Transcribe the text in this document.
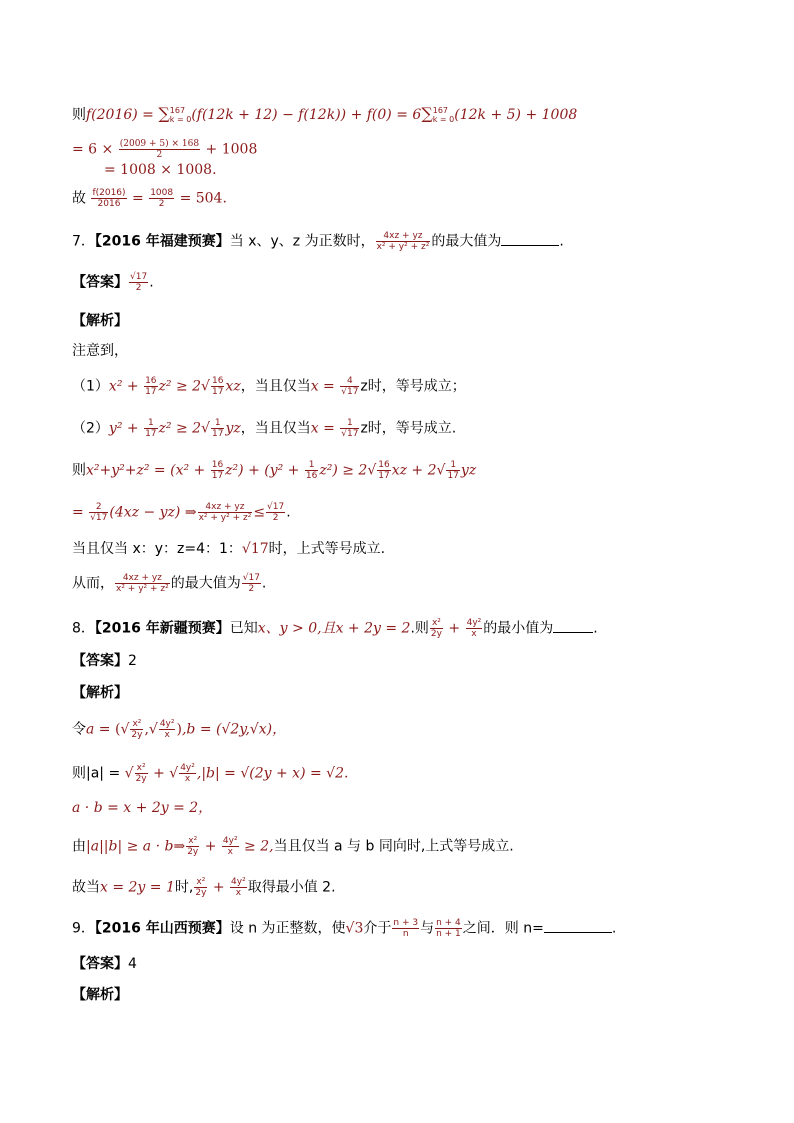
则f(2016) = ∑ 167
k = 0 (f(12k + 12) − f(12k)) + f(0) = 6∑ 167
k = 0 (12k + 5) + 1008
= $6 \times \frac{(2009 + 5) \times 168}{2} + 1008$
= 1008 × 1008.
故 $\frac{f(2016)}{2016} = \frac{1008}{2} = 504$.
7．【2016 年福建预赛】当 x、y、z 为正数时， $\frac{4xz + yz}{\text{x² + y² + z²}}$ 的最大值为	.
【答案】 $\frac{√17}{2}$ .
【解析】
注意到，
$(1)x^2 + \frac{16}{17} z^2 \ge 2√ \frac{16}{17}$ xz，当且仅当$x = \frac{4}{√17}$ z时，等号成立；
$(2)y^2 + \frac{1}{17} z^2 \ge 2√ \frac{1}{17}$ yz，当且仅当$x = \frac{1}{√17}$ z时，等号成立.
则$x^2+y^2+z^2 = (x^2 + \frac{16}{17} z^2) + (y^2 + \frac{1}{16} z^2) \ge 2√ \frac{16}{17}$ xz + $2√ \frac{1}{17}$ yz
= $\frac{2}{√17} (4xz - yz)$ ⇒ $\frac{4xz + yz}{\text{x² + y² + z²}} \le \frac{√17}{2}$ .
当且仅当 x：y：z=4：1：√17时，上式等号成立.
从而， $\frac{4xz + yz}{\text{x² + y² + z²}}$ 的最大值为 $\frac{√17}{2}$ .
8．【2016 年新疆预赛】已知x、y > 0,且x + 2y = 2.则 $\frac{\text{x²}}{2y} + \frac{\text{4y²}}{x}$ 的最小值为	.
【答案】2
【解析】
令a = (√ $\frac{\text{x²}}{2y}$ ,√ $\frac{\text{4y²}}{x} ),b = (√2y,√x)$，
则|a| = √ $\frac{\text{x²}}{2y}$ + √ $\frac{\text{4y²}}{x} ,|b| = √(2y + x) = √2$.
a · b = x + 2y = 2，
由|a||b| ≥ a · b⇒ $\frac{\text{x²}}{2y} + \frac{\text{4y²}}{x} \ge 2$,当且仅当 a 与 b 同向时,上式等号成立.
故当x = 2y = 1时, $\frac{\text{x²}}{2y} + \frac{\text{4y²}}{x}$ 取得最小值 2.
9．【2016 年山西预赛】设 n 为正整数，使√3介于 $\frac{n + 3}{n}$ 与 $\frac{n + 4}{n + 1}$ 之间．则 n=	.
【答案】4
【解析】
